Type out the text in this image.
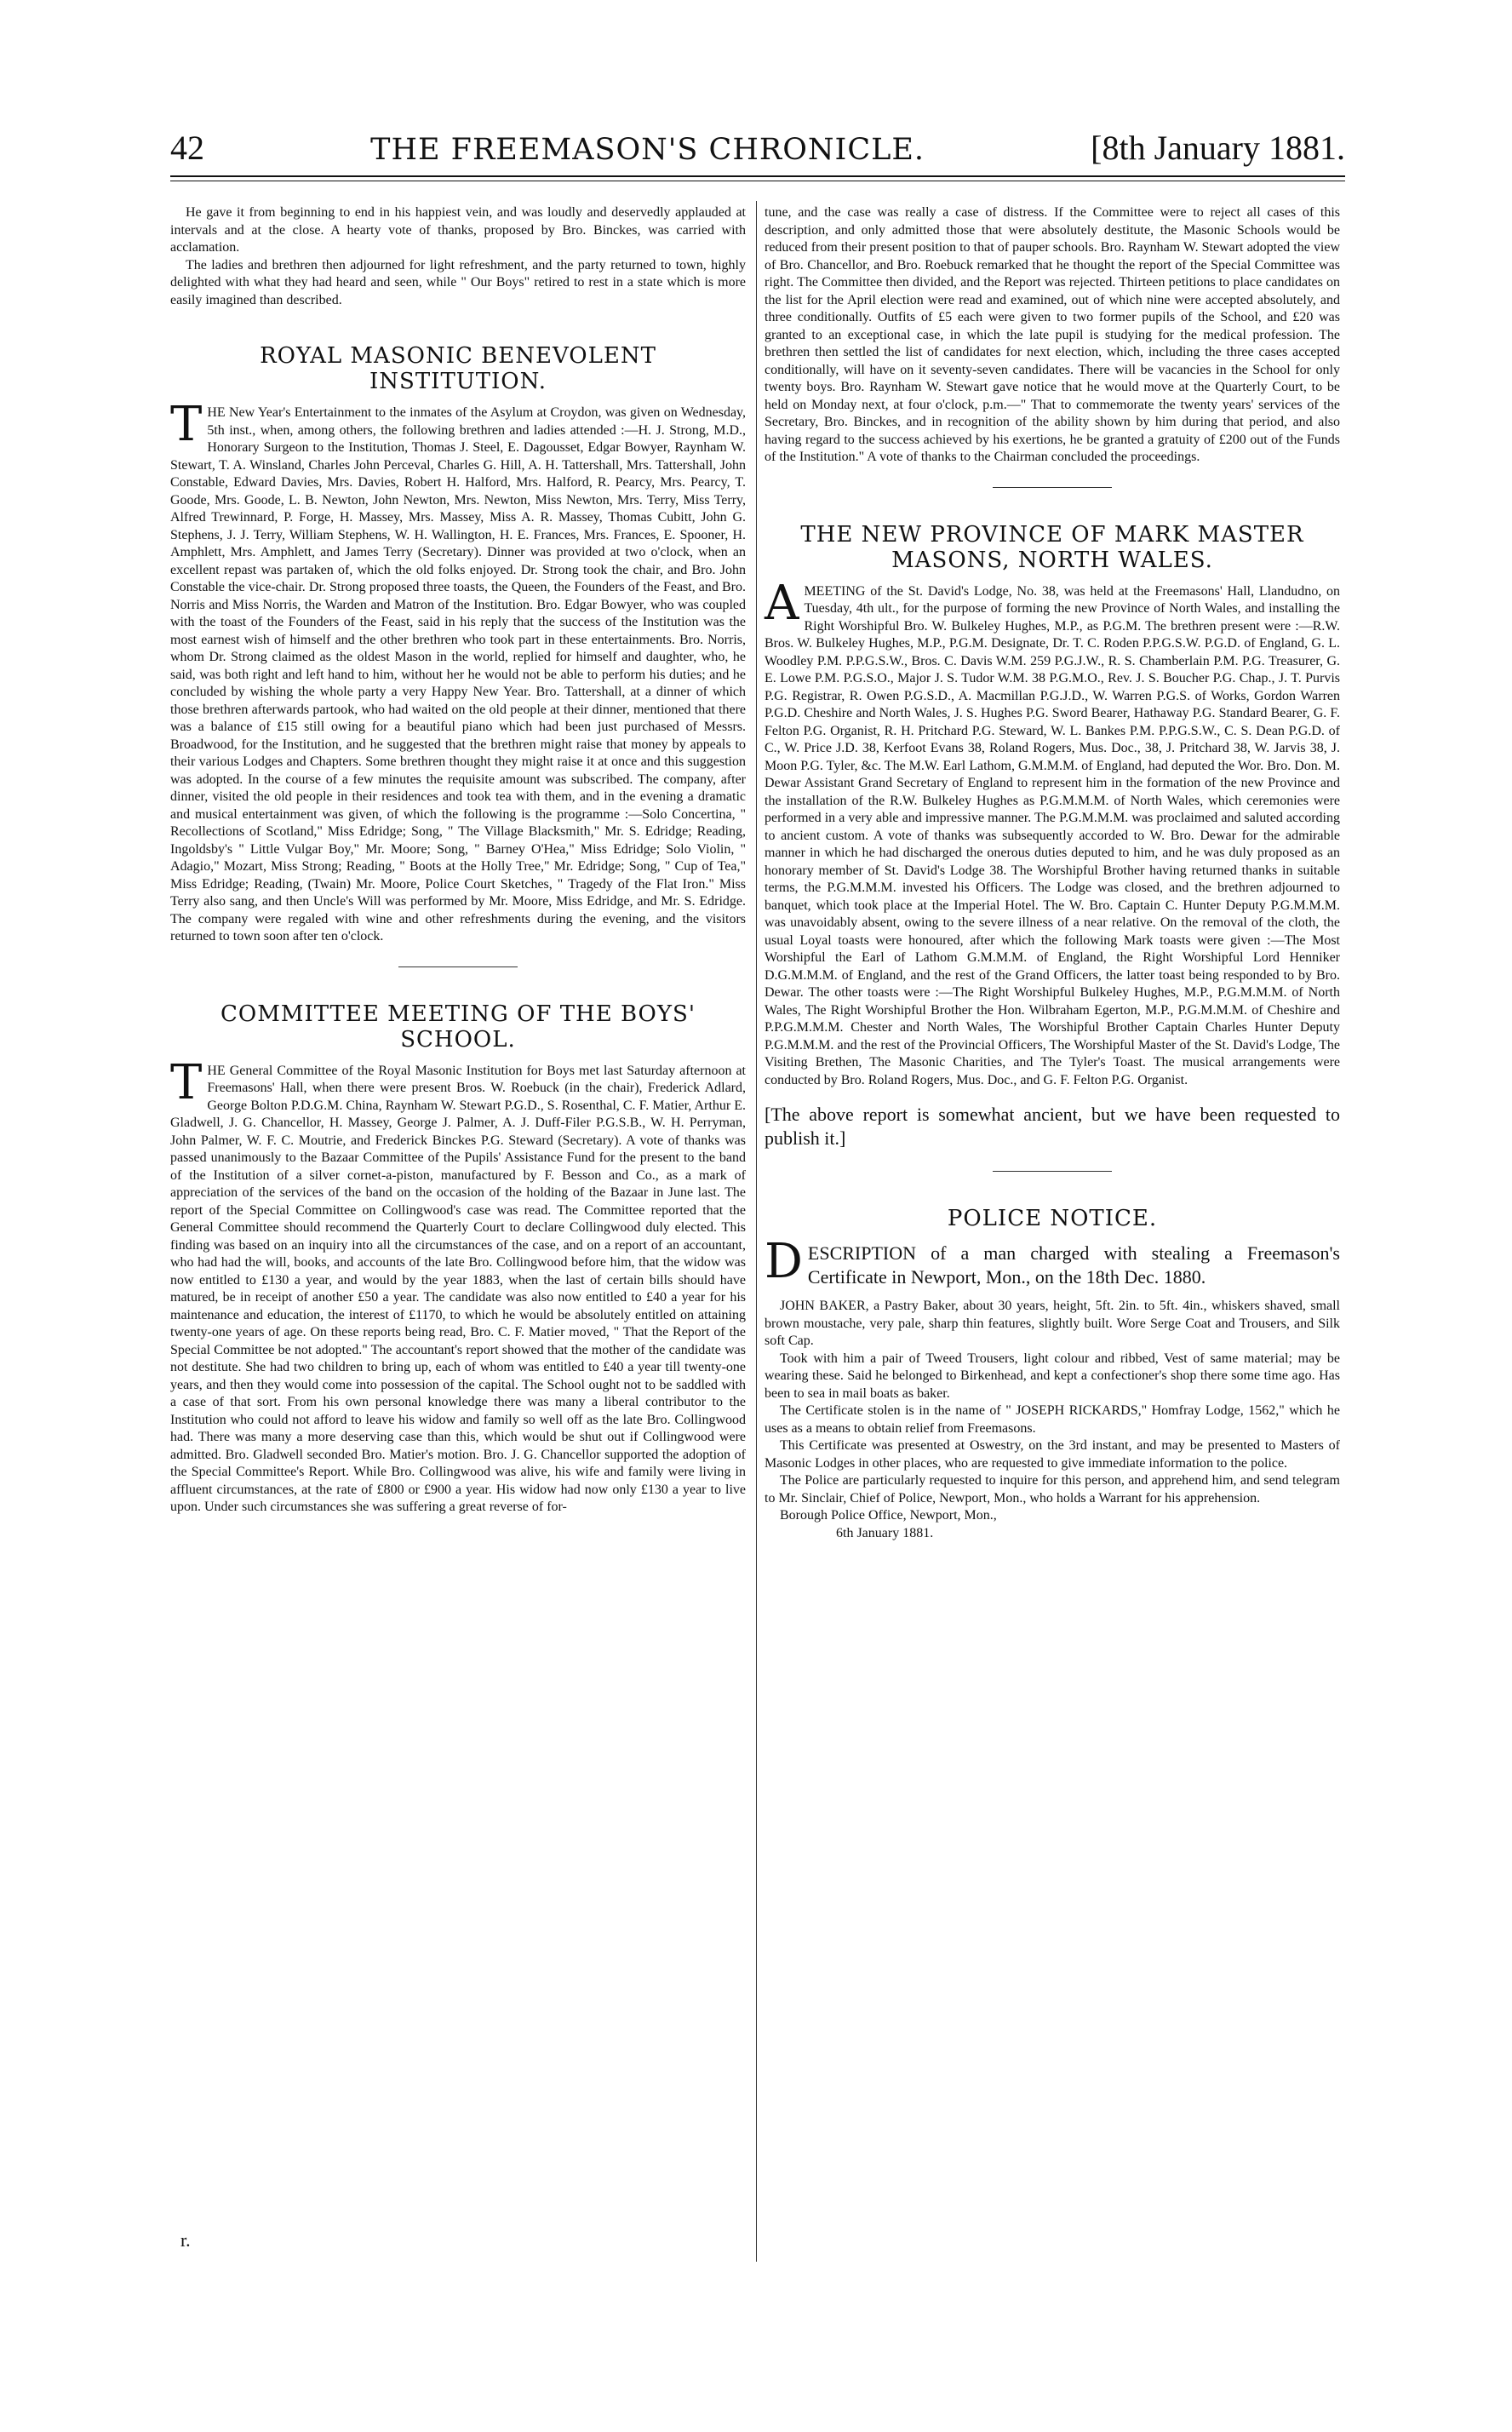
42	THE FREEMASON'S CHRONICLE.	[8th January 1881.

He gave it from beginning to end in his happiest vein, and was loudly and deservedly applauded at intervals and at the close. A hearty vote of thanks, proposed by Bro. Binckes, was carried with acclamation.

The ladies and brethren then adjourned for light refreshment, and the party returned to town, highly delighted with what they had heard and seen, while " Our Boys" retired to rest in a state which is more easily imagined than described.

ROYAL MASONIC BENEVOLENT INSTITUTION.

THE New Year's Entertainment to the inmates of the Asylum at Croydon, was given on Wednesday, 5th inst., when, among others, the following brethren and ladies attended :—H. J. Strong, M.D., Honorary Surgeon to the Institution, Thomas J. Steel, E. Dagousset, Edgar Bowyer, Raynham W. Stewart, T. A. Winsland, Charles John Perceval, Charles G. Hill, A. H. Tattershall, Mrs. Tattershall, John Constable, Edward Davies, Mrs. Davies, Robert H. Halford, Mrs. Halford, R. Pearcy, Mrs. Pearcy, T. Goode, Mrs. Goode, L. B. Newton, John Newton, Mrs. Newton, Miss Newton, Mrs. Terry, Miss Terry, Alfred Trewinnard, P. Forge, H. Massey, Mrs. Massey, Miss A. R. Massey, Thomas Cubitt, John G. Stephens, J. J. Terry, William Stephens, W. H. Wallington, H. E. Frances, Mrs. Frances, E. Spooner, H. Amphlett, Mrs. Amphlett, and James Terry (Secretary). Dinner was provided at two o'clock, when an excellent repast was partaken of, which the old folks enjoyed. Dr. Strong took the chair, and Bro. John Constable the vice-chair. Dr. Strong proposed three toasts, the Queen, the Founders of the Feast, and Bro. Norris and Miss Norris, the Warden and Matron of the Institution. Bro. Edgar Bowyer, who was coupled with the toast of the Founders of the Feast, said in his reply that the success of the Institution was the most earnest wish of himself and the other brethren who took part in these entertainments. Bro. Norris, whom Dr. Strong claimed as the oldest Mason in the world, replied for himself and daughter, who, he said, was both right and left hand to him, without her he would not be able to perform his duties; and he concluded by wishing the whole party a very Happy New Year. Bro. Tattershall, at a dinner of which those brethren afterwards partook, who had waited on the old people at their dinner, mentioned that there was a balance of £15 still owing for a beautiful piano which had been just purchased of Messrs. Broadwood, for the Institution, and he suggested that the brethren might raise that money by appeals to their various Lodges and Chapters. Some brethren thought they might raise it at once and this suggestion was adopted. In the course of a few minutes the requisite amount was subscribed. The company, after dinner, visited the old people in their residences and took tea with them, and in the evening a dramatic and musical entertainment was given, of which the following is the programme :—Solo Concertina, " Recollections of Scotland," Miss Edridge; Song, " The Village Blacksmith," Mr. S. Edridge; Reading, Ingoldsby's " Little Vulgar Boy," Mr. Moore; Song, " Barney O'Hea," Miss Edridge; Solo Violin, " Adagio," Mozart, Miss Strong; Reading, " Boots at the Holly Tree," Mr. Edridge; Song, " Cup of Tea," Miss Edridge; Reading, (Twain) Mr. Moore, Police Court Sketches, " Tragedy of the Flat Iron." Miss Terry also sang, and then Uncle's Will was performed by Mr. Moore, Miss Edridge, and Mr. S. Edridge. The company were regaled with wine and other refreshments during the evening, and the visitors returned to town soon after ten o'clock.

COMMITTEE MEETING OF THE BOYS' SCHOOL.

THE General Committee of the Royal Masonic Institution for Boys met last Saturday afternoon at Freemasons' Hall, when there were present Bros. W. Roebuck (in the chair), Frederick Adlard, George Bolton P.D.G.M. China, Raynham W. Stewart P.G.D., S. Rosenthal, C. F. Matier, Arthur E. Gladwell, J. G. Chancellor, H. Massey, George J. Palmer, A. J. Duff-Filer P.G.S.B., W. H. Perryman, John Palmer, W. F. C. Moutrie, and Frederick Binckes P.G. Steward (Secretary). A vote of thanks was passed unanimously to the Bazaar Committee of the Pupils' Assistance Fund for the present to the band of the Institution of a silver cornet-a-piston, manufactured by F. Besson and Co., as a mark of appreciation of the services of the band on the occasion of the holding of the Bazaar in June last. The report of the Special Committee on Collingwood's case was read. The Committee reported that the General Committee should recommend the Quarterly Court to declare Collingwood duly elected. This finding was based on an inquiry into all the circumstances of the case, and on a report of an accountant, who had had the will, books, and accounts of the late Bro. Collingwood before him, that the widow was now entitled to £130 a year, and would by the year 1883, when the last of certain bills should have matured, be in receipt of another £50 a year. The candidate was also now entitled to £40 a year for his maintenance and education, the interest of £1170, to which he would be absolutely entitled on attaining twenty-one years of age. On these reports being read, Bro. C. F. Matier moved, " That the Report of the Special Committee be not adopted." The accountant's report showed that the mother of the candidate was not destitute. She had two children to bring up, each of whom was entitled to £40 a year till twenty-one years, and then they would come into possession of the capital. The School ought not to be saddled with a case of that sort. From his own personal knowledge there was many a liberal contributor to the Institution who could not afford to leave his widow and family so well off as the late Bro. Collingwood had. There was many a more deserving case than this, which would be shut out if Collingwood were admitted. Bro. Gladwell seconded Bro. Matier's motion. Bro. J. G. Chancellor supported the adoption of the Special Committee's Report. While Bro. Collingwood was alive, his wife and family were living in affluent circumstances, at the rate of £800 or £900 a year. His widow had now only £130 a year to live upon. Under such circumstances she was suffering a great reverse of for-

r.

tune, and the case was really a case of distress. If the Committee were to reject all cases of this description, and only admitted those that were absolutely destitute, the Masonic Schools would be reduced from their present position to that of pauper schools. Bro. Raynham W. Stewart adopted the view of Bro. Chancellor, and Bro. Roebuck remarked that he thought the report of the Special Committee was right. The Committee then divided, and the Report was rejected. Thirteen petitions to place candidates on the list for the April election were read and examined, out of which nine were accepted absolutely, and three conditionally. Outfits of £5 each were given to two former pupils of the School, and £20 was granted to an exceptional case, in which the late pupil is studying for the medical profession. The brethren then settled the list of candidates for next election, which, including the three cases accepted conditionally, will have on it seventy-seven candidates. There will be vacancies in the School for only twenty boys. Bro. Raynham W. Stewart gave notice that he would move at the Quarterly Court, to be held on Monday next, at four o'clock, p.m.—" That to commemorate the twenty years' services of the Secretary, Bro. Binckes, and in recognition of the ability shown by him during that period, and also having regard to the success achieved by his exertions, he be granted a gratuity of £200 out of the Funds of the Institution." A vote of thanks to the Chairman concluded the proceedings.

THE NEW PROVINCE OF MARK MASTER MASONS, NORTH WALES.

AMEETING of the St. David's Lodge, No. 38, was held at the Freemasons' Hall, Llandudno, on Tuesday, 4th ult., for the purpose of forming the new Province of North Wales, and installing the Right Worshipful Bro. W. Bulkeley Hughes, M.P., as P.G.M. The brethren present were :—R.W. Bros. W. Bulkeley Hughes, M.P., P.G.M. Designate, Dr. T. C. Roden P.P.G.S.W. P.G.D. of England, G. L. Woodley P.M. P.P.G.S.W., Bros. C. Davis W.M. 259 P.G.J.W., R. S. Chamberlain P.M. P.G. Treasurer, G. E. Lowe P.M. P.G.S.O., Major J. S. Tudor W.M. 38 P.G.M.O., Rev. J. S. Boucher P.G. Chap., J. T. Purvis P.G. Registrar, R. Owen P.G.S.D., A. Macmillan P.G.J.D., W. Warren P.G.S. of Works, Gordon Warren P.G.D. Cheshire and North Wales, J. S. Hughes P.G. Sword Bearer, Hathaway P.G. Standard Bearer, G. F. Felton P.G. Organist, R. H. Pritchard P.G. Steward, W. L. Bankes P.M. P.P.G.S.W., C. S. Dean P.G.D. of C., W. Price J.D. 38, Kerfoot Evans 38, Roland Rogers, Mus. Doc., 38, J. Pritchard 38, W. Jarvis 38, J. Moon P.G. Tyler, &c. The M.W. Earl Lathom, G.M.M.M. of England, had deputed the Wor. Bro. Don. M. Dewar Assistant Grand Secretary of England to represent him in the formation of the new Province and the installation of the R.W. Bulkeley Hughes as P.G.M.M.M. of North Wales, which ceremonies were performed in a very able and impressive manner. The P.G.M.M.M. was proclaimed and saluted according to ancient custom. A vote of thanks was subsequently accorded to W. Bro. Dewar for the admirable manner in which he had discharged the onerous duties deputed to him, and he was duly proposed as an honorary member of St. David's Lodge 38. The Worshipful Brother having returned thanks in suitable terms, the P.G.M.M.M. invested his Officers. The Lodge was closed, and the brethren adjourned to banquet, which took place at the Imperial Hotel. The W. Bro. Captain C. Hunter Deputy P.G.M.M.M. was unavoidably absent, owing to the severe illness of a near relative. On the removal of the cloth, the usual Loyal toasts were honoured, after which the following Mark toasts were given :—The Most Worshipful the Earl of Lathom G.M.M.M. of England, the Right Worshipful Lord Henniker D.G.M.M.M. of England, and the rest of the Grand Officers, the latter toast being responded to by Bro. Dewar. The other toasts were :—The Right Worshipful Bulkeley Hughes, M.P., P.G.M.M.M. of North Wales, The Right Worshipful Brother the Hon. Wilbraham Egerton, M.P., P.G.M.M.M. of Cheshire and P.P.G.M.M.M. Chester and North Wales, The Worshipful Brother Captain Charles Hunter Deputy P.G.M.M.M. and the rest of the Provincial Officers, The Worshipful Master of the St. David's Lodge, The Visiting Brethen, The Masonic Charities, and The Tyler's Toast. The musical arrangements were conducted by Bro. Roland Rogers, Mus. Doc., and G. F. Felton P.G. Organist.

[The above report is somewhat ancient, but we have been requested to publish it.]

POLICE NOTICE.

DESCRIPTION of a man charged with stealing a Freemason's Certificate in Newport, Mon., on the 18th Dec. 1880.

JOHN BAKER, a Pastry Baker, about 30 years, height, 5ft. 2in. to 5ft. 4in., whiskers shaved, small brown moustache, very pale, sharp thin features, slightly built. Wore Serge Coat and Trousers, and Silk soft Cap.

Took with him a pair of Tweed Trousers, light colour and ribbed, Vest of same material; may be wearing these. Said he belonged to Birkenhead, and kept a confectioner's shop there some time ago. Has been to sea in mail boats as baker.

The Certificate stolen is in the name of " JOSEPH RICKARDS," Homfray Lodge, 1562," which he uses as a means to obtain relief from Freemasons.

This Certificate was presented at Oswestry, on the 3rd instant, and may be presented to Masters of Masonic Lodges in other places, who are requested to give immediate information to the police.

The Police are particularly requested to inquire for this person, and apprehend him, and send telegram to Mr. Sinclair, Chief of Police, Newport, Mon., who holds a Warrant for his apprehension.

Borough Police Office, Newport, Mon.,

6th January 1881.
